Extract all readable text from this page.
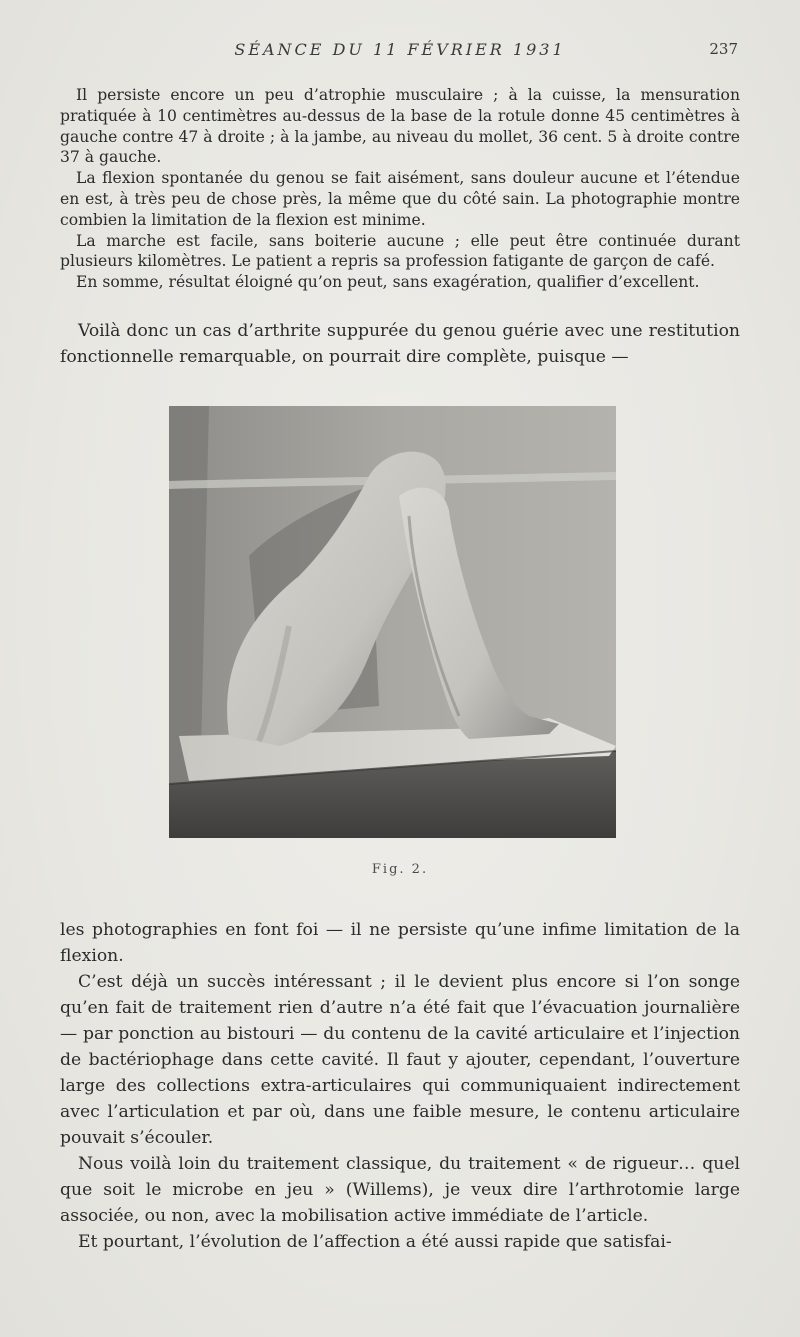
SÉANCE DU 11 FÉVRIER 1931	237

Il persiste encore un peu d’atrophie musculaire ; à la cuisse, la mensuration pratiquée à 10 centimètres au-dessus de la base de la rotule donne 45 centimètres à gauche contre 47 à droite ; à la jambe, au niveau du mollet, 36 cent. 5 à droite contre 37 à gauche.

La flexion spontanée du genou se fait aisément, sans douleur aucune et l’étendue en est, à très peu de chose près, la même que du côté sain. La photographie montre combien la limitation de la flexion est minime.

La marche est facile, sans boiterie aucune ; elle peut être continuée durant plusieurs kilomètres. Le patient a repris sa profession fatigante de garçon de café.

En somme, résultat éloigné qu’on peut, sans exagération, qualifier d’excellent.

Voilà donc un cas d’arthrite suppurée du genou guérie avec une restitution fonctionnelle remarquable, on pourrait dire complète, puisque —

Fig. 2.

les photographies en font foi — il ne persiste qu’une infime limitation de la flexion.

C’est déjà un succès intéressant ; il le devient plus encore si l’on songe qu’en fait de traitement rien d’autre n’a été fait que l’évacuation journalière — par ponction au bistouri — du contenu de la cavité articulaire et l’injection de bactériophage dans cette cavité. Il faut y ajouter, cependant, l’ouverture large des collections extra-articulaires qui communiquaient indirectement avec l’articulation et par où, dans une faible mesure, le contenu articulaire pouvait s’écouler.

Nous voilà loin du traitement classique, du traitement « de rigueur… quel que soit le microbe en jeu » (Willems), je veux dire l’arthrotomie large associée, ou non, avec la mobilisation active immédiate de l’article.

Et pourtant, l’évolution de l’affection a été aussi rapide que satisfai-
